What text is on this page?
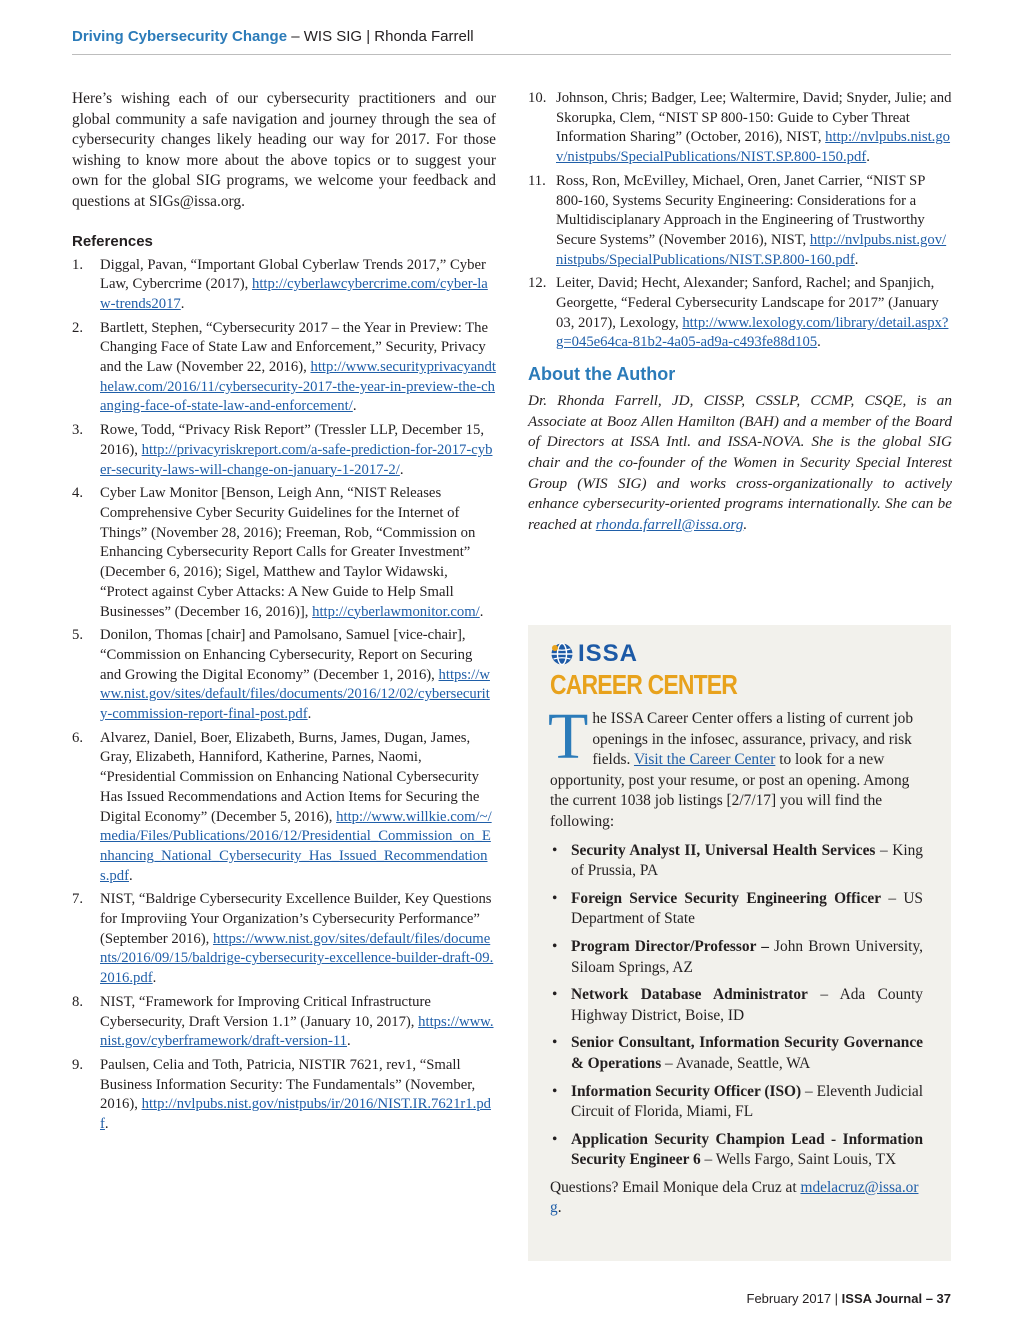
Driving Cybersecurity Change – WIS SIG | Rhonda Farrell

Here’s wishing each of our cybersecurity practitioners and our global community a safe navigation and journey through the sea of cybersecurity changes likely heading our way for 2017. For those wishing to know more about the above topics or to suggest your own for the global SIG programs, we welcome your feedback and questions at SIGs@issa.org.

References
1. Diggal, Pavan, “Important Global Cyberlaw Trends 2017,” Cyber Law, Cybercrime (2017), http://cyberlawcybercrime.com/cyber-law-trends2017.
2. Bartlett, Stephen, “Cybersecurity 2017 – the Year in Preview: The Changing Face of State Law and Enforcement,” Security, Privacy and the Law (November 22, 2016), http://www.securityprivacyandthelaw.com/2016/11/cybersecurity-2017-the-year-in-preview-the-changing-face-of-state-law-and-enforcement/.
3. Rowe, Todd, “Privacy Risk Report” (Tressler LLP, December 15, 2016), http://privacyriskreport.com/a-safe-prediction-for-2017-cyber-security-laws-will-change-on-january-1-2017-2/.
4. Cyber Law Monitor [Benson, Leigh Ann, “NIST Releases Comprehensive Cyber Security Guidelines for the Internet of Things” (November 28, 2016); Freeman, Rob, “Commission on Enhancing Cybersecurity Report Calls for Greater Investment” (December 6, 2016); Sigel, Matthew and Taylor Widawski, “Protect against Cyber Attacks: A New Guide to Help Small Businesses” (December 16, 2016)], http://cyberlawmonitor.com/.
5. Donilon, Thomas [chair] and Pamolsano, Samuel [vice-chair], “Commission on Enhancing Cybersecurity, Report on Securing and Growing the Digital Economy” (December 1, 2016), https://www.nist.gov/sites/default/files/documents/2016/12/02/cybersecurity-commission-report-final-post.pdf.
6. Alvarez, Daniel, Boer, Elizabeth, Burns, James, Dugan, James, Gray, Elizabeth, Hanniford, Katherine, Parnes, Naomi, “Presidential Commission on Enhancing National Cybersecurity Has Issued Recommendations and Action Items for Securing the Digital Economy” (December 5, 2016), http://www.willkie.com/~/media/Files/Publications/2016/12/Presidential_Commission_on_Enhancing_National_Cybersecurity_Has_Issued_Recommendations.pdf.
7. NIST, “Baldrige Cybersecurity Excellence Builder, Key Questions for Improviing Your Organization’s Cybersecurity Performance” (September 2016), https://www.nist.gov/sites/default/files/documents/2016/09/15/baldrige-cybersecurity-excellence-builder-draft-09.2016.pdf.
8. NIST, “Framework for Improving Critical Infrastructure Cybersecurity, Draft Version 1.1” (January 10, 2017), https://www.nist.gov/cyberframework/draft-version-11.
9. Paulsen, Celia and Toth, Patricia, NISTIR 7621, rev1, “Small Business Information Security: The Fundamentals” (November, 2016), http://nvlpubs.nist.gov/nistpubs/ir/2016/NIST.IR.7621r1.pdf.
10. Johnson, Chris; Badger, Lee; Waltermire, David; Snyder, Julie; and Skorupka, Clem, “NIST SP 800-150: Guide to Cyber Threat Information Sharing” (October, 2016), NIST, http://nvlpubs.nist.gov/nistpubs/SpecialPublications/NIST.SP.800-150.pdf.
11. Ross, Ron, McEvilley, Michael, Oren, Janet Carrier, “NIST SP 800-160, Systems Security Engineering: Considerations for a Multidisciplanary Approach in the Engineering of Trustworthy Secure Systems” (November 2016), NIST, http://nvlpubs.nist.gov/nistpubs/SpecialPublications/NIST.SP.800-160.pdf.
12. Leiter, David; Hecht, Alexander; Sanford, Rachel; and Spanjich, Georgette, “Federal Cybersecurity Landscape for 2017” (January 03, 2017), Lexology, http://www.lexology.com/library/detail.aspx?g=045e64ca-81b2-4a05-ad9a-c493fe88d105.
About the Author

Dr. Rhonda Farrell, JD, CISSP, CSSLP, CCMP, CSQE, is an Associate at Booz Allen Hamilton (BAH) and a member of the Board of Directors at ISSA Intl. and ISSA-NOVA. She is the global SIG chair and the co-founder of the Women in Security Special Interest Group (WIS SIG) and works cross-organizationally to actively enhance cybersecurity-oriented programs internationally. She can be reached at rhonda.farrell@issa.org.

ISSA
CAREER CENTER

The ISSA Career Center offers a listing of current job openings in the infosec, assurance, privacy, and risk fields. Visit the Career Center to look for a new opportunity, post your resume, or post an opening. Among the current 1038 job listings [2/7/17] you will find the following:

• Security Analyst II, Universal Health Services – King of Prussia, PA
• Foreign Service Security Engineering Officer – US Department of State
• Program Director/Professor – John Brown University, Siloam Springs, AZ
• Network Database Administrator – Ada County Highway District, Boise, ID
• Senior Consultant, Information Security Governance & Operations – Avanade, Seattle, WA
• Information Security Officer (ISO) – Eleventh Judicial Circuit of Florida, Miami, FL
• Application Security Champion Lead - Information Security Engineer 6 – Wells Fargo, Saint Louis, TX

Questions? Email Monique dela Cruz at mdelacruz@issa.org.

February 2017 | ISSA Journal – 37
